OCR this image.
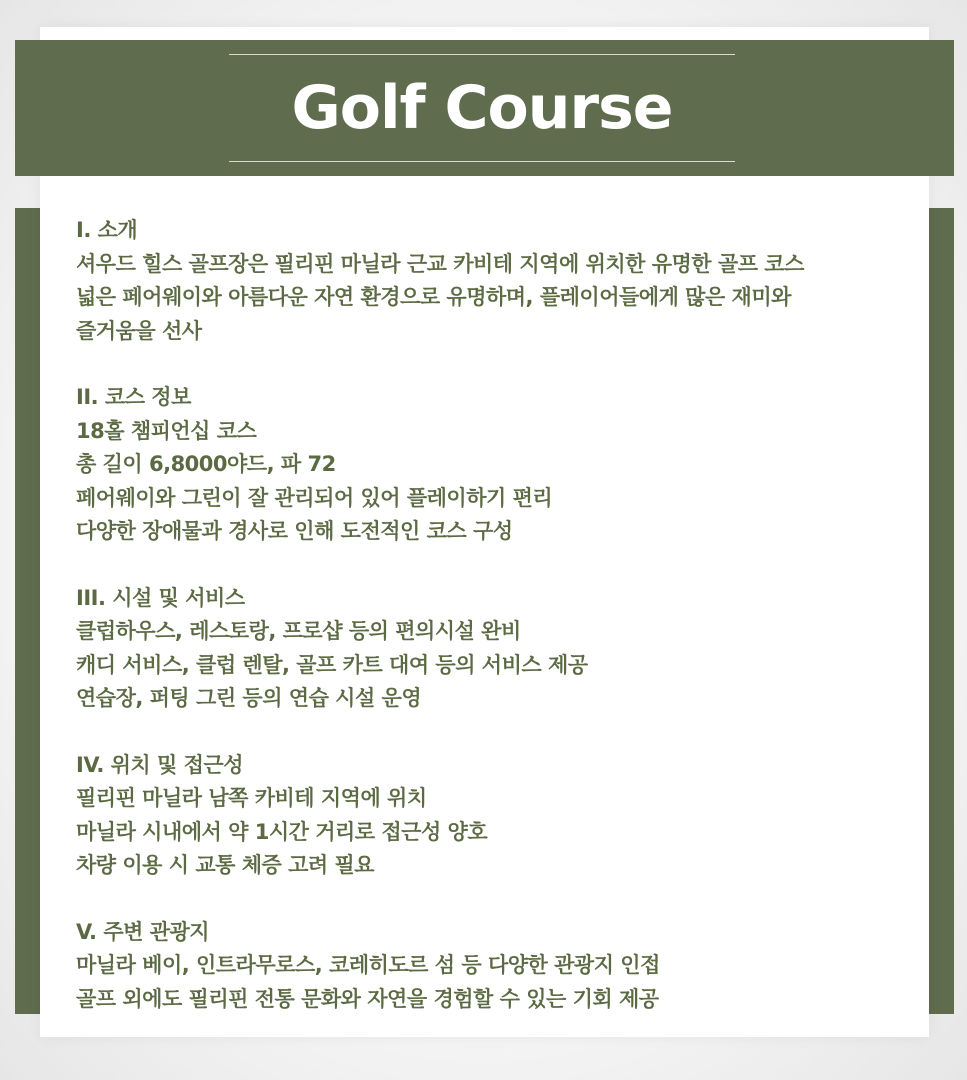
Golf Course

I. 소개

셔우드 힐스 골프장은 필리핀 마닐라 근교 카비테 지역에 위치한 유명한 골프 코스

넓은 페어웨이와 아름다운 자연 환경으로 유명하며, 플레이어들에게 많은 재미와

즐거움을 선사

II. 코스 정보

18홀 챔피언십 코스

총 길이 6,8000야드, 파 72

페어웨이와 그린이 잘 관리되어 있어 플레이하기 편리

다양한 장애물과 경사로 인해 도전적인 코스 구성

III. 시설 및 서비스

클럽하우스, 레스토랑, 프로샵 등의 편의시설 완비

캐디 서비스, 클럽 렌탈, 골프 카트 대여 등의 서비스 제공

연습장, 퍼팅 그린 등의 연습 시설 운영

IV. 위치 및 접근성

필리핀 마닐라 남쪽 카비테 지역에 위치

마닐라 시내에서 약 1시간 거리로 접근성 양호

차량 이용 시 교통 체증 고려 필요

V. 주변 관광지

마닐라 베이, 인트라무로스, 코레히도르 섬 등 다양한 관광지 인접

골프 외에도 필리핀 전통 문화와 자연을 경험할 수 있는 기회 제공
